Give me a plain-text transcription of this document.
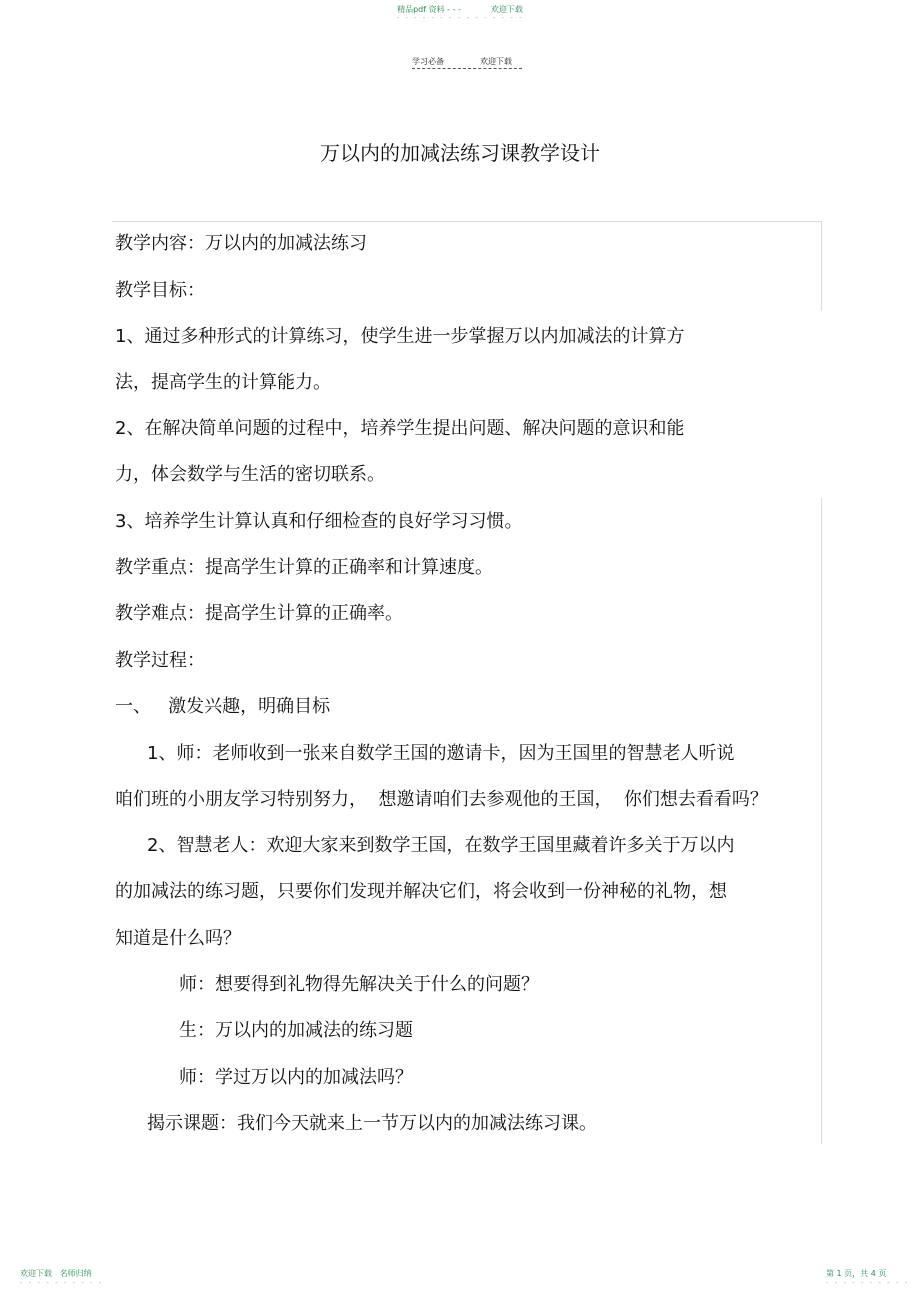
精品pdf 资料 - - -	欢迎下载
- - - - - - - - - - - - - - -
学习必备	欢迎下载
万以内的加减法练习课教学设计
教学内容：万以内的加减法练习
教学目标：
1、通过多种形式的计算练习，使学生进一步掌握万以内加减法的计算方
法，提高学生的计算能力。
2、在解决简单问题的过程中，培养学生提出问题、解决问题的意识和能
力，体会数学与生活的密切联系。
3、培养学生计算认真和仔细检查的良好学习习惯。
教学重点：提高学生计算的正确率和计算速度。
教学难点：提高学生计算的正确率。
教学过程：
一、   激发兴趣，明确目标
1、师：老师收到一张来自数学王国的邀请卡，因为王国里的智慧老人听说
咱们班的小朋友学习特别努力，  想邀请咱们去参观他的王国，  你们想去看看吗？
2、智慧老人：欢迎大家来到数学王国，在数学王国里藏着许多关于万以内
的加减法的练习题，只要你们发现并解决它们，将会收到一份神秘的礼物，想
知道是什么吗？
师：想要得到礼物得先解决关于什么的问题？
生：万以内的加减法的练习题
师：学过万以内的加减法吗？
揭示课题：我们今天就来上一节万以内的加减法练习课。
欢迎下载   名师归纳
- - - - - - - - - -
第 1 页，共 4 页
- - - - - - - - - -
